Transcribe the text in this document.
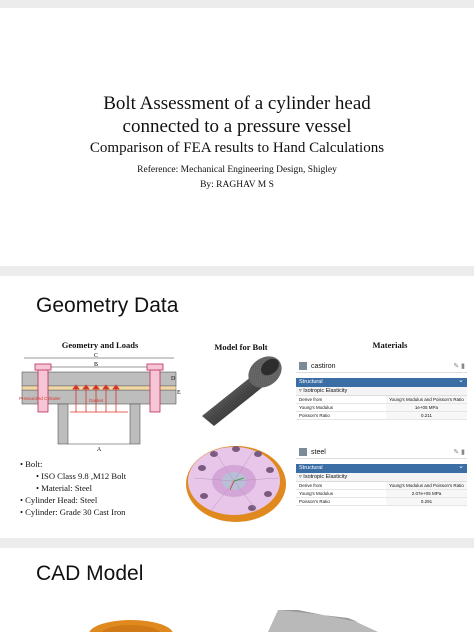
Bolt Assessment of a cylinder head
connected to a pressure vessel
Comparison of FEA results to Hand Calculations
Reference: Mechanical Engineering Design, Shigley
By: RAGHAV M S
Geometry Data
Geometry and Loads	Model for Bolt	Materials
C
B
D
E
Pressurized Cylinder	Gasket
A
• Bolt:
• ISO Class 9.8 ,M12 Bolt
• Material: Steel
• Cylinder Head: Steel
• Cylinder: Grade 30 Cast Iron
castiron	✎ ▮
Structural ⌄
▿ Isotropic Elasticity
Derive from	Young's Modulus and Poisson's Ratio
Young's Modulus	1e+05 MPa
Poisson's Ratio	0.211
steel	✎ ▮
Structural ⌄
▿ Isotropic Elasticity
Derive from	Young's Modulus and Poisson's Ratio
Young's Modulus	2.07e+05 MPa
Poisson's Ratio	0.291
CAD Model
